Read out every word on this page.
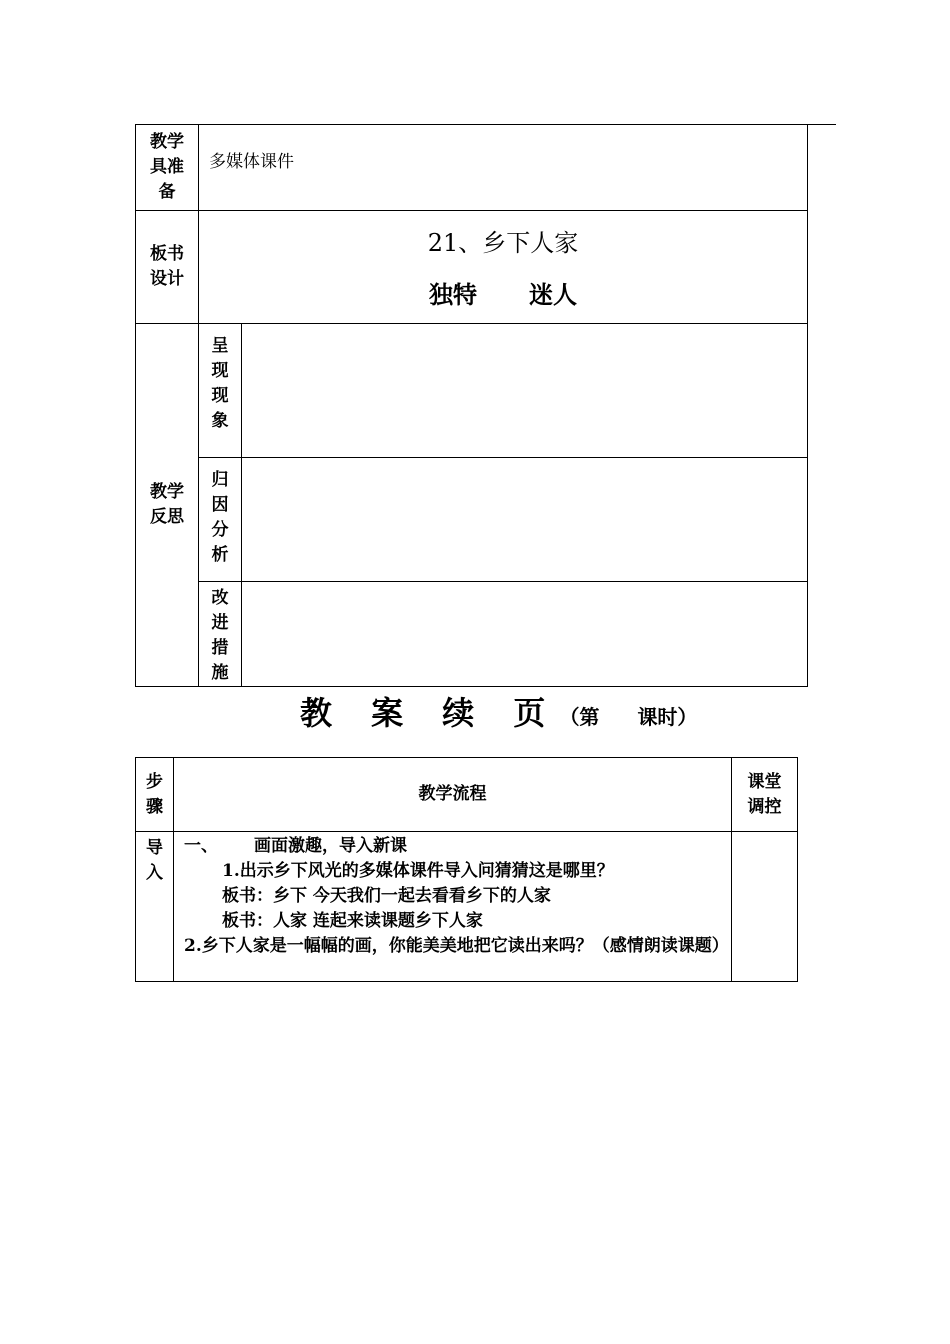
教学具准备	多媒体课件	

板书设计	21、乡下人家
独特 迷人	

教学反思	呈现现象	

	归因分析	

	改进措施	

教 案 续 页（第 课时）
步骤	教学流程	课堂调控

导入	一、 画面激趣，导入新课
1.出示乡下风光的多媒体课件导入问猜猜这是哪里？
板书：乡下 今天我们一起去看看乡下的人家
板书：人家 连起来读课题乡下人家
2.乡下人家是一幅幅的画，你能美美地把它读出来吗？（感情朗读课题）	
